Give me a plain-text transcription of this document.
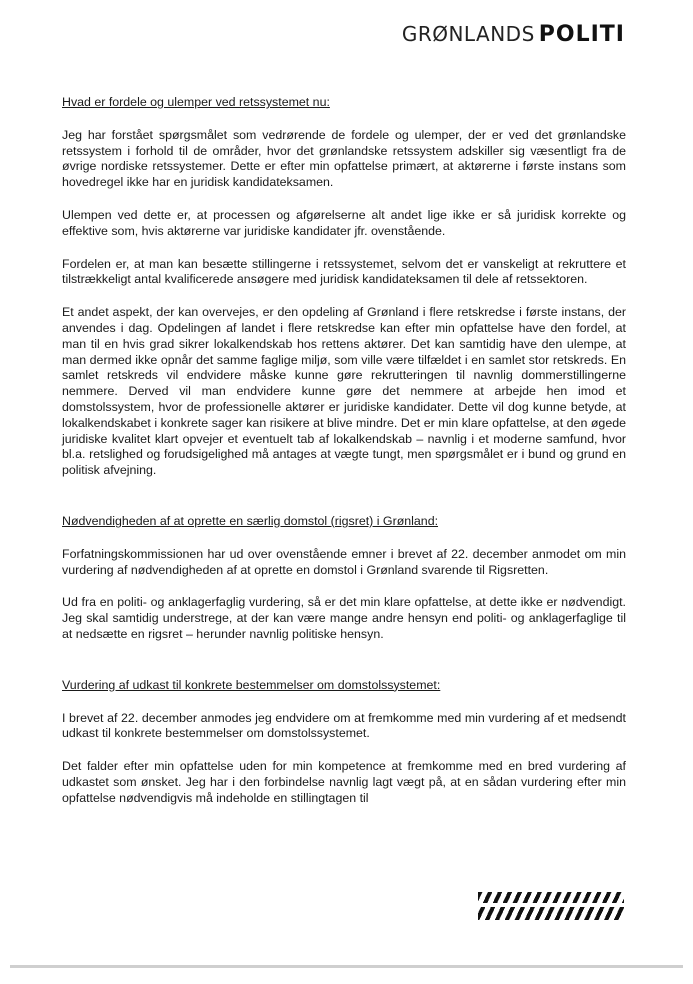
GRØNLANDS POLITI
Hvad er fordele og ulemper ved retssystemet nu:

Jeg har forstået spørgsmålet som vedrørende de fordele og ulemper, der er ved det grønlandske retssystem i forhold til de områder, hvor det grønlandske retssystem adskiller sig væsentligt fra de øvrige nordiske retssystemer. Dette er efter min opfattelse primært, at aktørerne i første instans som hovedregel ikke har en juridisk kandidateksamen.

Ulempen ved dette er, at processen og afgørelserne alt andet lige ikke er så juridisk korrekte og effektive som, hvis aktørerne var juridiske kandidater jfr. ovenstående.

Fordelen er, at man kan besætte stillingerne i retssystemet, selvom det er vanskeligt at rekruttere et tilstrækkeligt antal kvalificerede ansøgere med juridisk kandidateksamen til dele af retssektoren.

Et andet aspekt, der kan overvejes, er den opdeling af Grønland i flere retskredse i første instans, der anvendes i dag. Opdelingen af landet i flere retskredse kan efter min opfattelse have den fordel, at man til en hvis grad sikrer lokalkendskab hos rettens aktører. Det kan samtidig have den ulempe, at man dermed ikke opnår det samme faglige miljø, som ville være tilfældet i en samlet stor retskreds. En samlet retskreds vil endvidere måske kunne gøre rekrutteringen til navnlig dommerstillingerne nemmere. Derved vil man endvidere kunne gøre det nemmere at arbejde hen imod et domstolssystem, hvor de professionelle aktører er juridiske kandidater. Dette vil dog kunne betyde, at lokalkendskabet i konkrete sager kan risikere at blive mindre. Det er min klare opfattelse, at den øgede juridiske kvalitet klart opvejer et eventuelt tab af lokalkendskab – navnlig i et moderne samfund, hvor bl.a. retslighed og forudsigelighed må antages at vægte tungt, men spørgsmålet er i bund og grund en politisk afvejning.

Nødvendigheden af at oprette en særlig domstol (rigsret) i Grønland:

Forfatningskommissionen har ud over ovenstående emner i brevet af 22. december anmodet om min vurdering af nødvendigheden af at oprette en domstol i Grønland svarende til Rigsretten.

Ud fra en politi- og anklagerfaglig vurdering, så er det min klare opfattelse, at dette ikke er nødvendigt. Jeg skal samtidig understrege, at der kan være mange andre hensyn end politi- og anklagerfaglige til at nedsætte en rigsret – herunder navnlig politiske hensyn.

Vurdering af udkast til konkrete bestemmelser om domstolssystemet:

I brevet af 22. december anmodes jeg endvidere om at fremkomme med min vurdering af et medsendt udkast til konkrete bestemmelser om domstolssystemet.

Det falder efter min opfattelse uden for min kompetence at fremkomme med en bred vurdering af udkastet som ønsket. Jeg har i den forbindelse navnlig lagt vægt på, at en sådan vurdering efter min opfattelse nødvendigvis må indeholde en stillingtagen til
